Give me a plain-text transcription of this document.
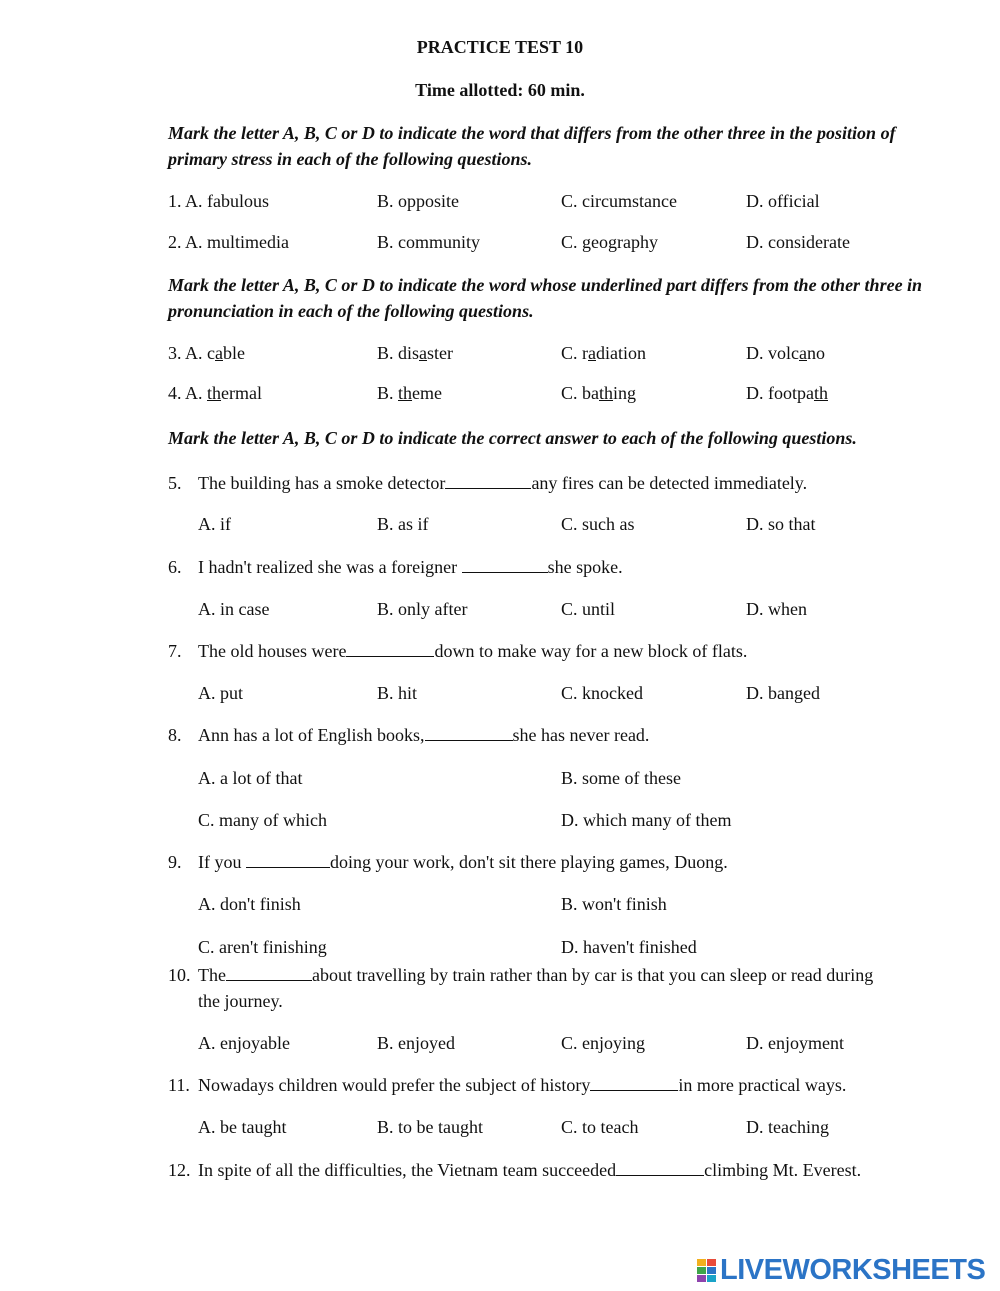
PRACTICE TEST 10
Time allotted: 60 min.
Mark the letter A, B, C or D to indicate the word that differs from the other three in the position of primary stress in each of the following questions.
1. A. fabulous	B. opposite	C. circumstance	D. official
2. A. multimedia	B. community	C. geography	D. considerate
Mark the letter A, B, C or D to indicate the word whose underlined part differs from the other three in pronunciation in each of the following questions.
3. A. cable	B. disaster	C. radiation	D. volcano
4. A. thermal	B. theme	C. bathing	D. footpath
Mark the letter A, B, C or D to indicate the correct answer to each of the following questions.
5. The building has a smoke detector	any fires can be detected immediately.
A. if	B. as if	C. such as	D. so that
6. I hadn't realized she was a foreigner	she spoke.
A. in case	B. only after	C. until	D. when
7. The old houses were	down to make way for a new block of flats.
A. put	B. hit	C. knocked	D. banged
8. Ann has a lot of English books,	she has never read.
A. a lot of that	B. some of these
C. many of which	D. which many of them
9. If you	doing your work, don't sit there playing games, Duong.
A. don't finish	B. won't finish
C. aren't finishing	D. haven't finished
10. The	about travelling by train rather than by car is that you can sleep or read during
the journey.
A. enjoyable	B. enjoyed	C. enjoying	D. enjoyment
11. Nowadays children would prefer the subject of history	in more practical ways.
A. be taught	B. to be taught	C. to teach	D. teaching
12. In spite of all the difficulties, the Vietnam team succeeded	climbing Mt. Everest.
LIVEWORKSHEETS
